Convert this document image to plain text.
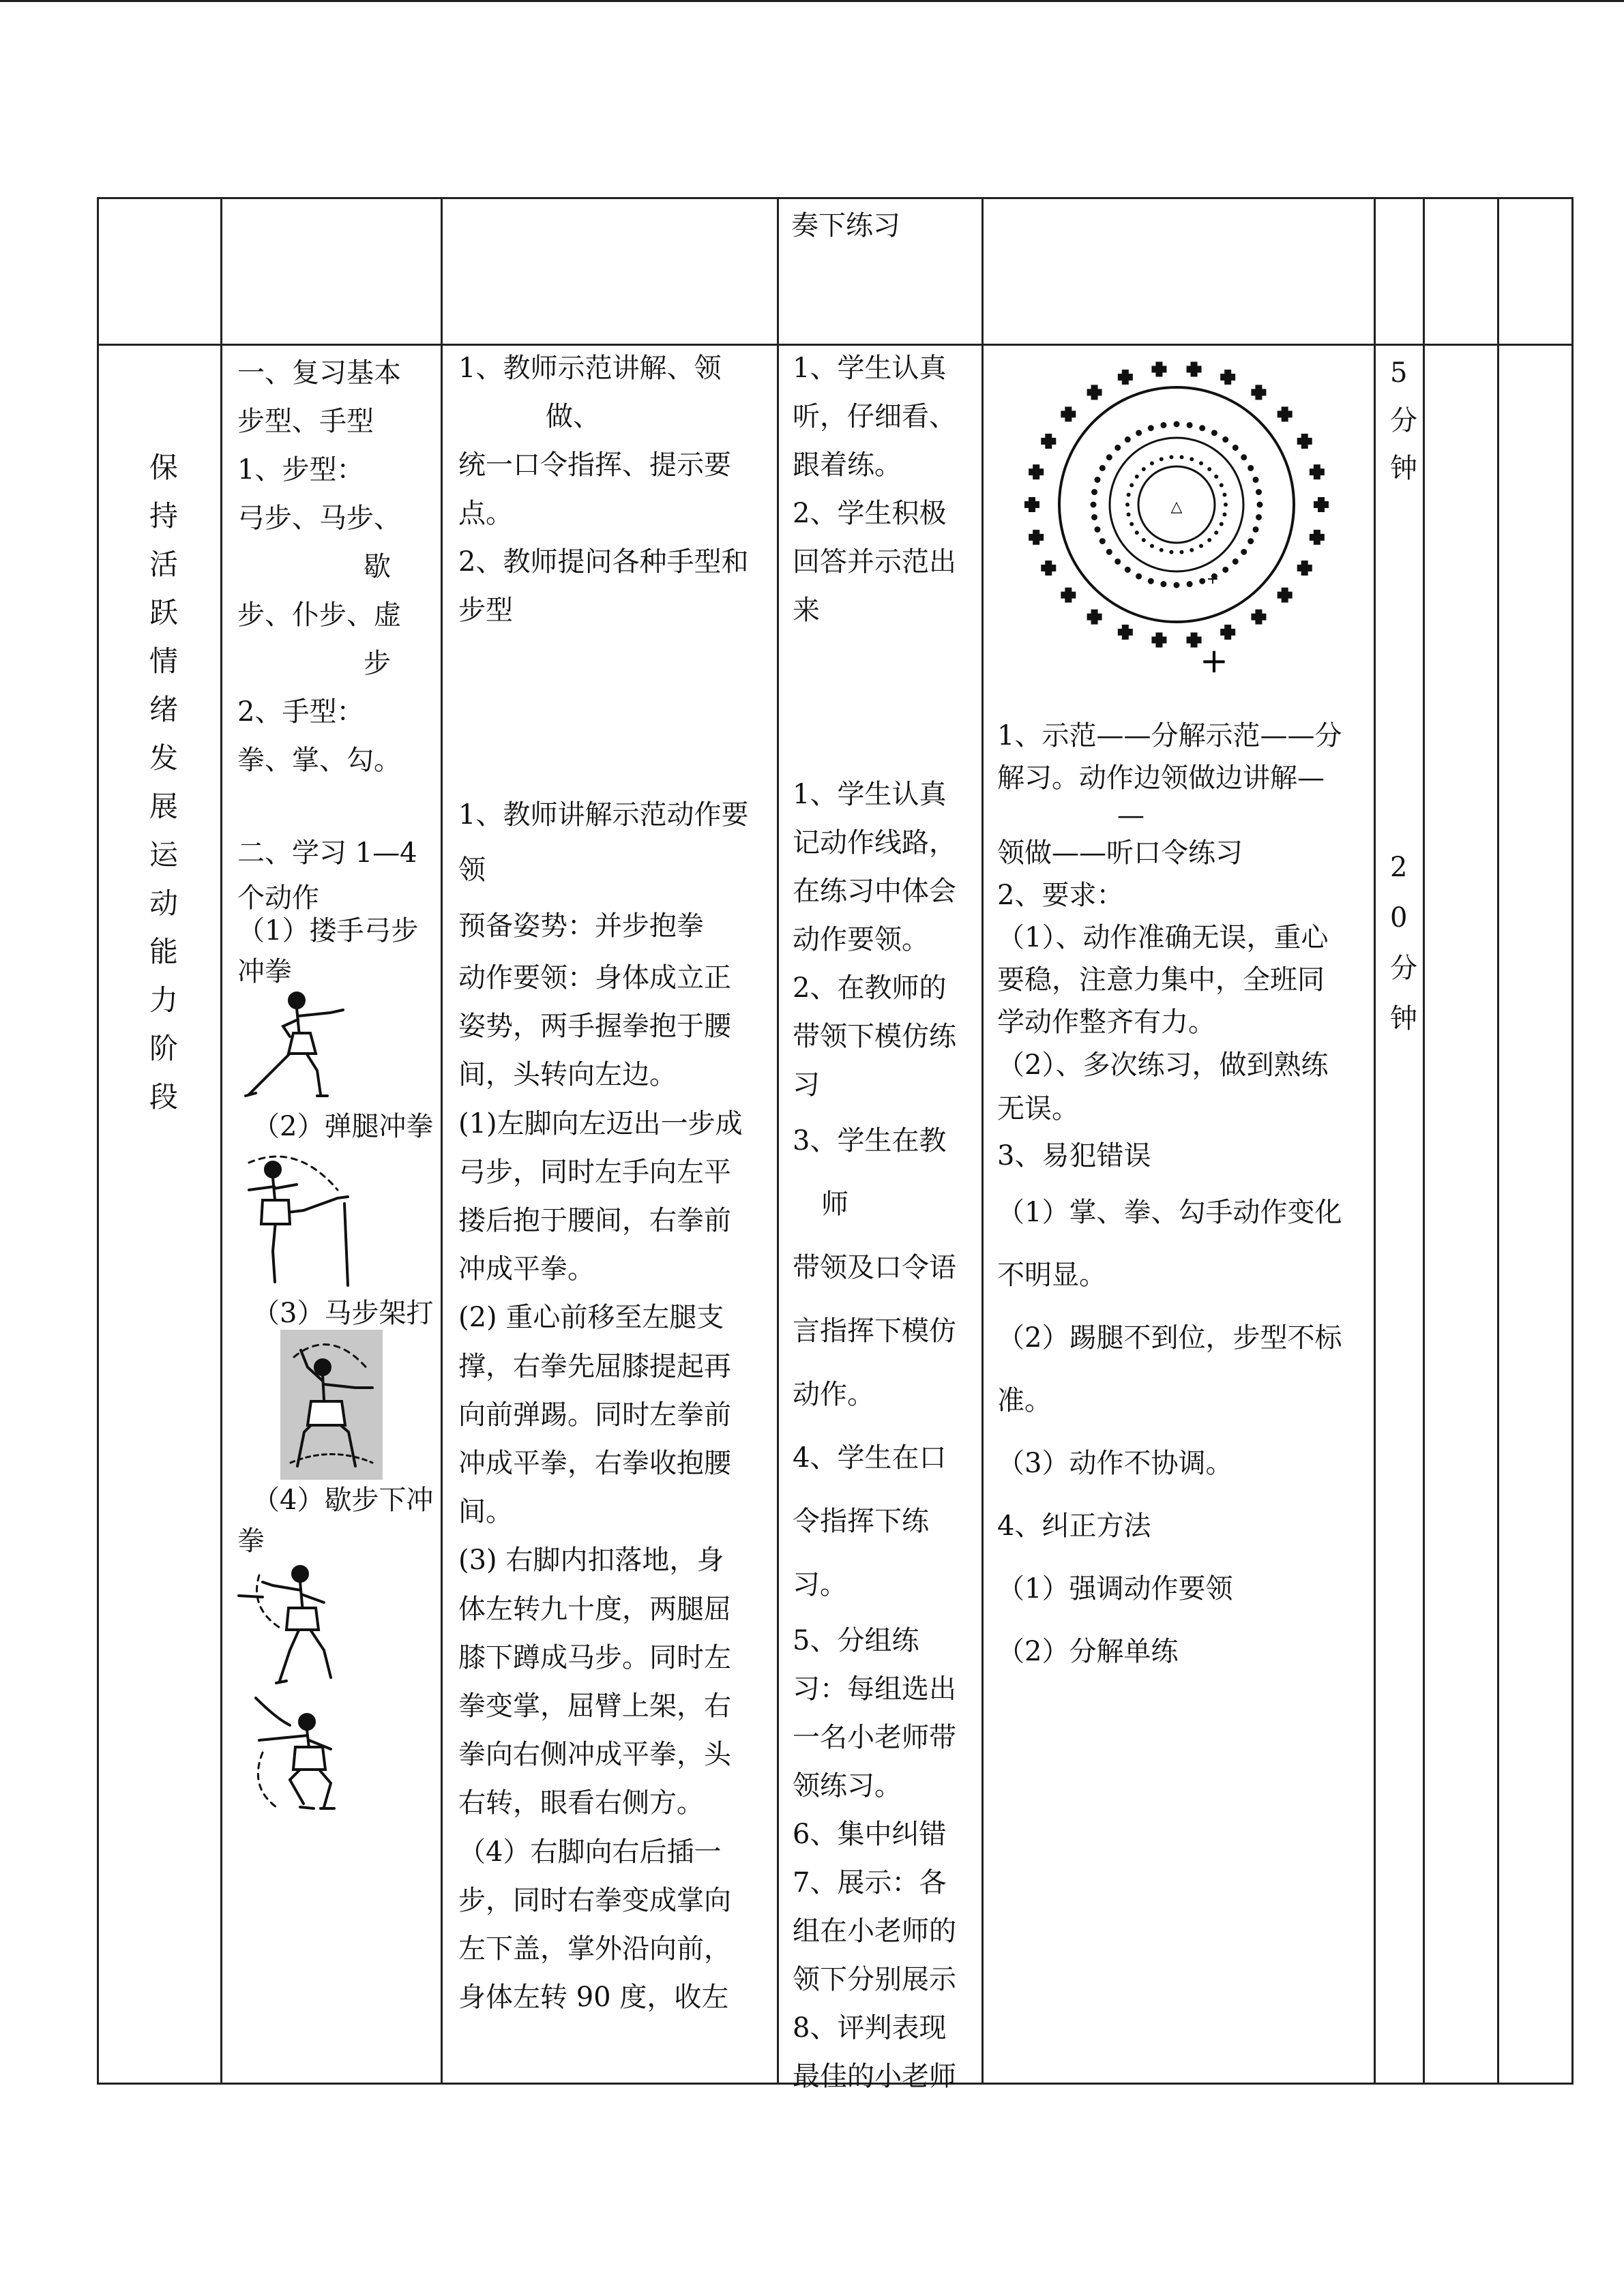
奏下练习
保
持
活
跃
情
绪
发
展
运
动
能
力
阶
段
一、复习基本
步型、手型
1、步型：
弓步、马步、
歇
步、仆步、虚
步
2、手型：
拳、掌、勾。
二、学习 1—4
个动作
（1）搂手弓步
冲拳
（2）弹腿冲拳
（3）马步架打
（4）歇步下冲
拳
1、教师示范讲解、领
做、
统一口令指挥、提示要
点。
2、教师提问各种手型和
步型
1、教师讲解示范动作要
领
预备姿势：并步抱拳
动作要领：身体成立正
姿势，两手握拳抱于腰
间，头转向左边。
(1)左脚向左迈出一步成
弓步，同时左手向左平
搂后抱于腰间，右拳前
冲成平拳。
(2) 重心前移至左腿支
撑，右拳先屈膝提起再
向前弹踢。同时左拳前
冲成平拳，右拳收抱腰
间。
(3) 右脚内扣落地，身
体左转九十度，两腿屈
膝下蹲成马步。同时左
拳变掌，屈臂上架，右
拳向右侧冲成平拳，头
右转，眼看右侧方。
（4）右脚向右后插一
步，同时右拳变成掌向
左下盖，掌外沿向前，
身体左转 90 度，收左
1、学生认真
听，仔细看、
跟着练。
2、学生积极
回答并示范出
来
1、学生认真
记动作线路，
在练习中体会
动作要领。
2、在教师的
带领下模仿练
习
3、学生在教
师
带领及口令语
言指挥下模仿
动作。
4、学生在口
令指挥下练
习。
5、分组练
习：每组选出
一名小老师带
领练习。
6、集中纠错
7、展示：各
组在小老师的
领下分别展示
8、评判表现
最佳的小老师
△
+
+
1、示范——分解示范——分
解习。动作边领做边讲解—
—
领做——听口令练习
2、要求：
（1）、动作准确无误，重心
要稳，注意力集中，全班同
学动作整齐有力。
（2）、多次练习，做到熟练
无误。
3、易犯错误
（1）掌、拳、勾手动作变化
不明显。
（2）踢腿不到位，步型不标
准。
（3）动作不协调。
4、纠正方法
（1）强调动作要领
（2）分解单练
5
分
钟
2
0
分
钟
